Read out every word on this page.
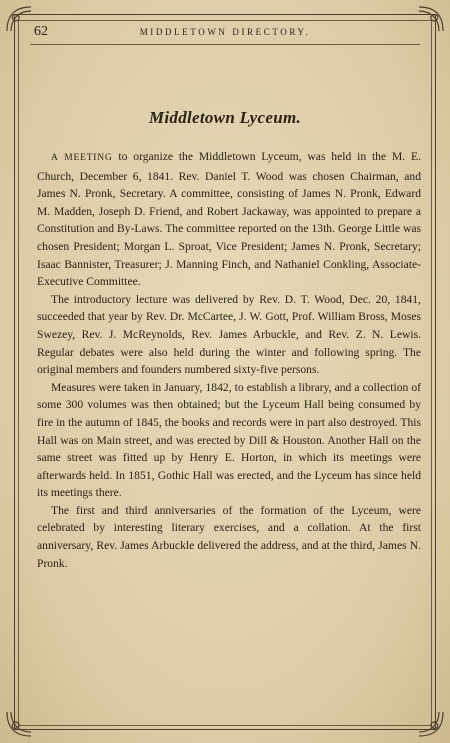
62	MIDDLETOWN DIRECTORY.
Middletown Lyceum.

A MEETING to organize the Middletown Lyceum, was held in the M. E. Church, December 6, 1841. Rev. Daniel T. Wood was chosen Chairman, and James N. Pronk, Secretary. A committee, consisting of James N. Pronk, Edward M. Madden, Joseph D. Friend, and Robert Jackaway, was appointed to prepare a Constitution and By-Laws. The committee reported on the 13th. George Little was chosen President; Morgan L. Sproat, Vice President; James N. Pronk, Secretary; Isaac Bannister, Treasurer; J. Manning Finch, and Nathaniel Conkling, Associate-Executive Committee.

The introductory lecture was delivered by Rev. D. T. Wood, Dec. 20, 1841, succeeded that year by Rev. Dr. McCartee, J. W. Gott, Prof. William Bross, Moses Swezey, Rev. J. McReynolds, Rev. James Arbuckle, and Rev. Z. N. Lewis. Regular debates were also held during the winter and following spring. The original members and founders numbered sixty-five persons.

Measures were taken in January, 1842, to establish a library, and a collection of some 300 volumes was then obtained; but the Lyceum Hall being consumed by fire in the autumn of 1845, the books and records were in part also destroyed. This Hall was on Main street, and was erected by Dill & Houston. Another Hall on the same street was fitted up by Henry E. Horton, in which its meetings were afterwards held. In 1851, Gothic Hall was erected, and the Lyceum has since held its meetings there.

The first and third anniversaries of the formation of the Lyceum, were celebrated by interesting literary exercises, and a collation. At the first anniversary, Rev. James Arbuckle delivered the address, and at the third, James N. Pronk.
